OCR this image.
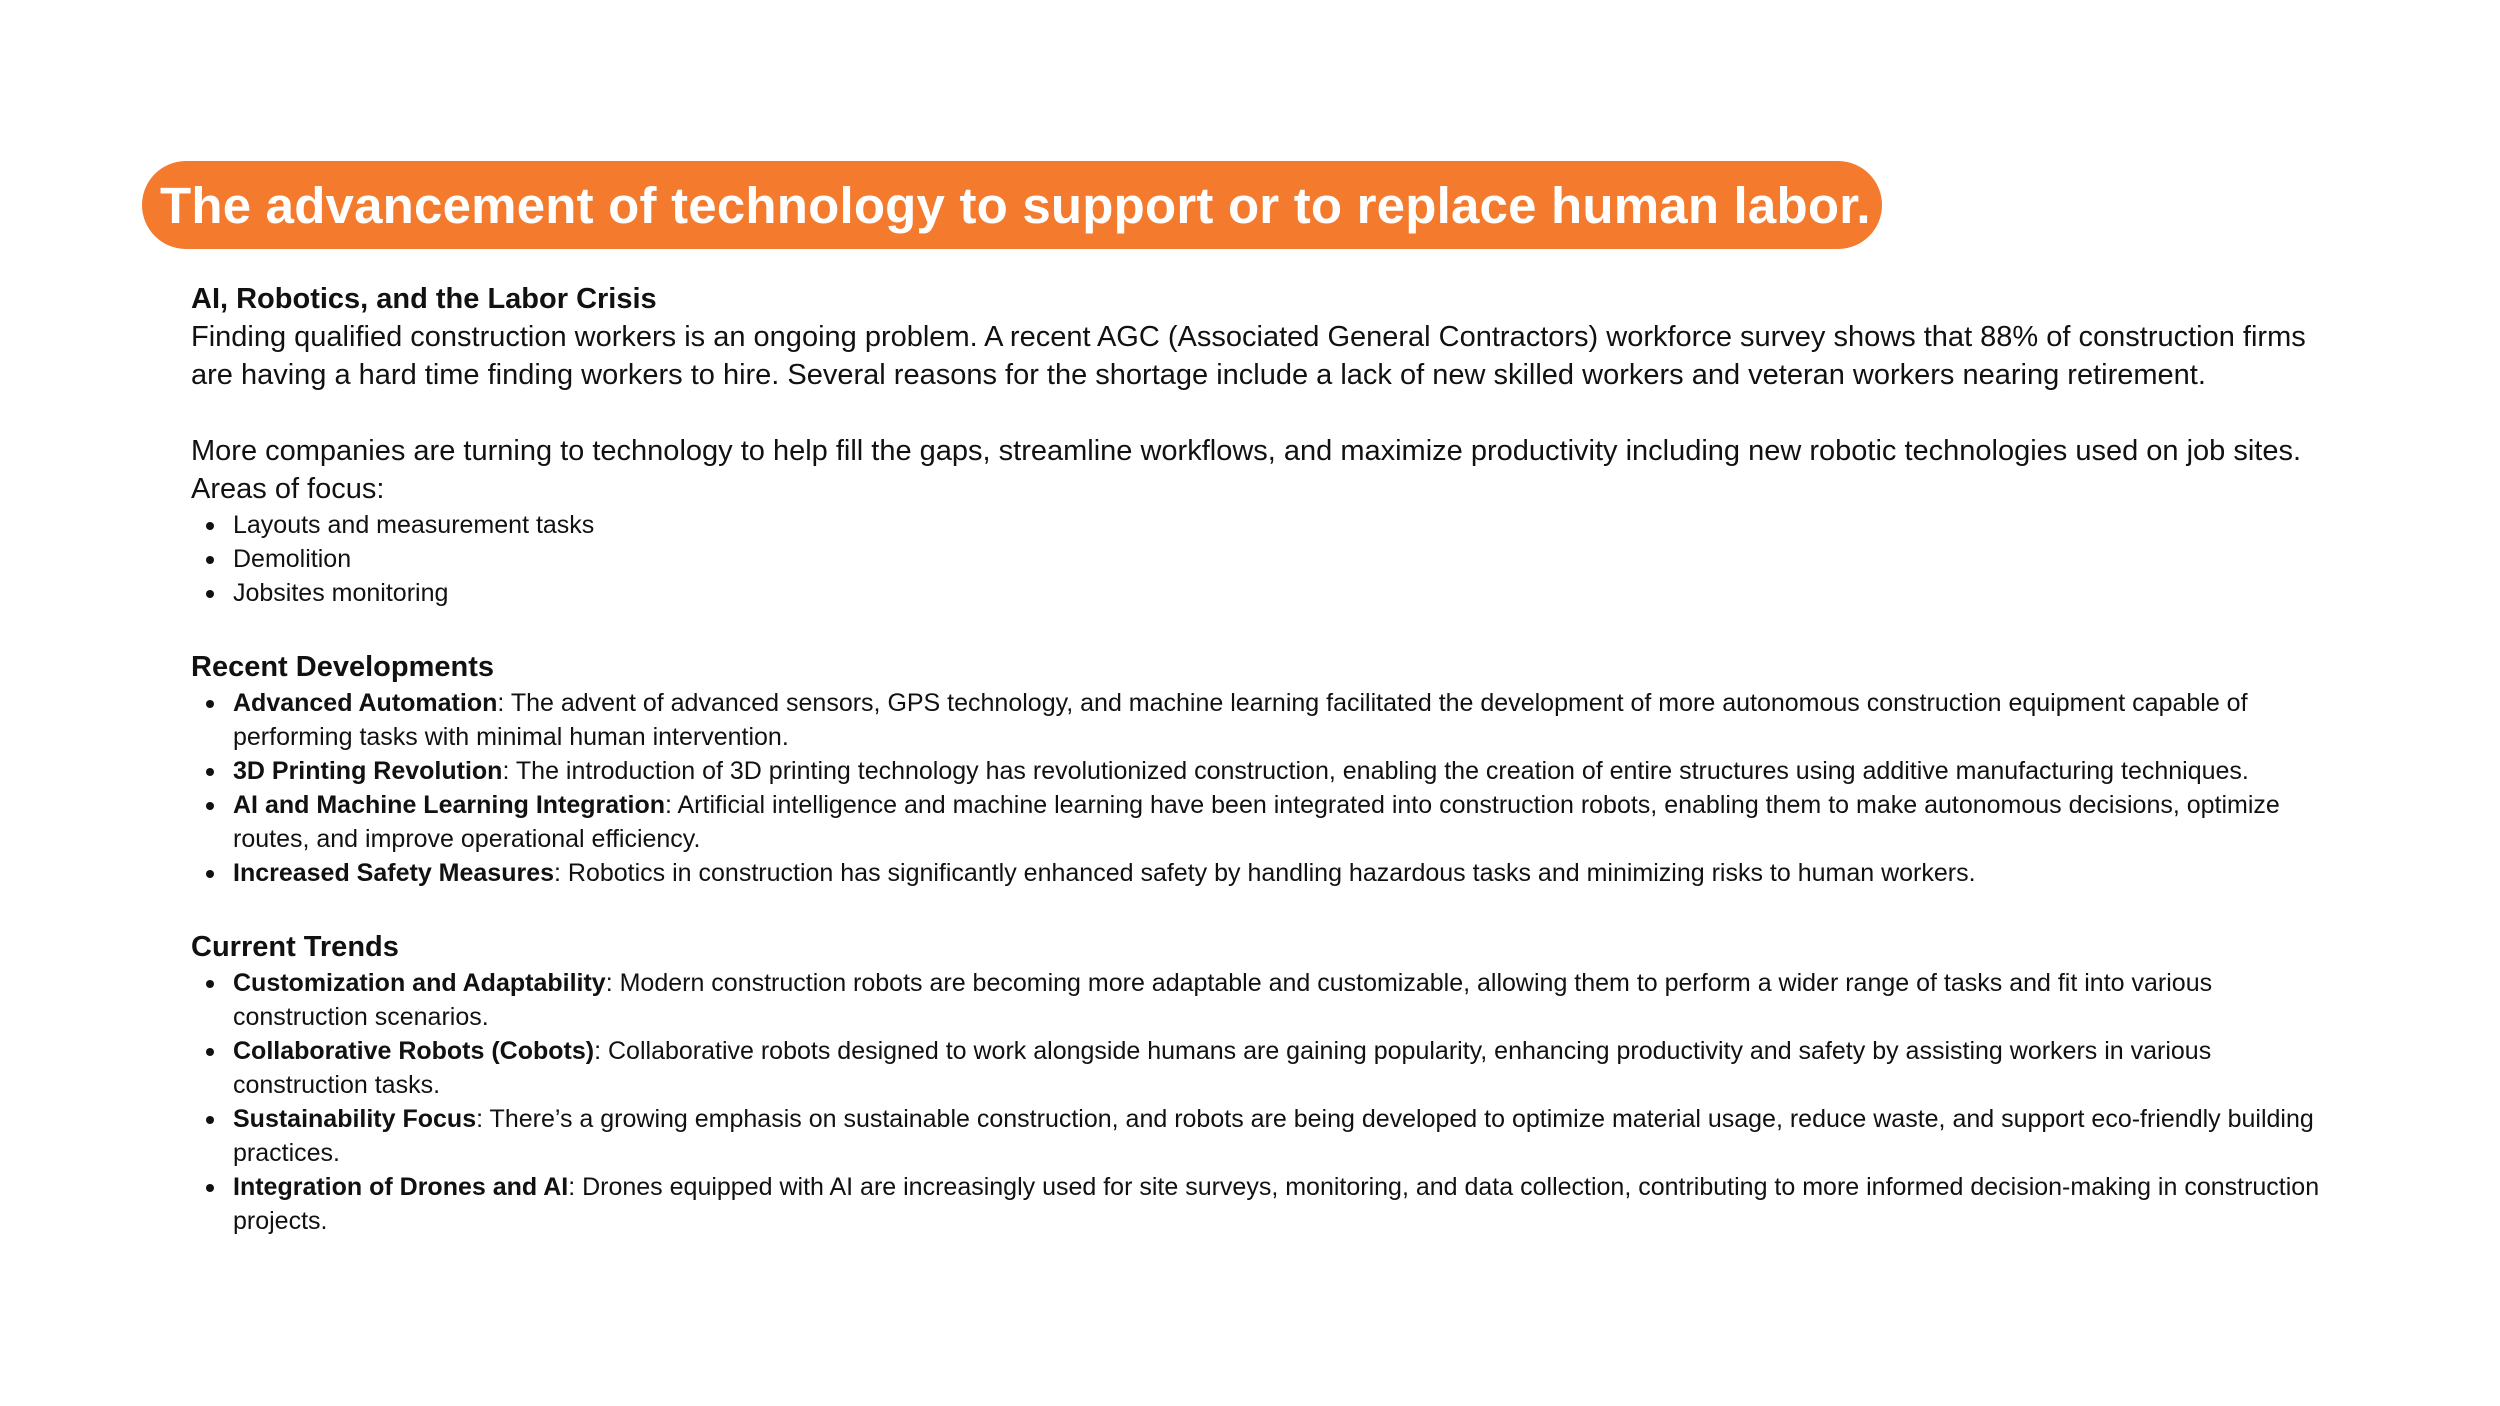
The advancement of technology to support or to replace human labor.

AI, Robotics, and the Labor Crisis

Finding qualified construction workers is an ongoing problem. A recent AGC (Associated General Contractors) workforce survey shows that 88% of construction firms are having a hard time finding workers to hire. Several reasons for the shortage include a lack of new skilled workers and veteran workers nearing retirement.

More companies are turning to technology to help fill the gaps, streamline workflows, and maximize productivity including new robotic technologies used on job sites. Areas of focus:

Layouts and measurement tasks
Demolition
Jobsites monitoring

Recent Developments

Advanced Automation: The advent of advanced sensors, GPS technology, and machine learning facilitated the development of more autonomous construction equipment capable of performing tasks with minimal human intervention.
3D Printing Revolution: The introduction of 3D printing technology has revolutionized construction, enabling the creation of entire structures using additive manufacturing techniques.
AI and Machine Learning Integration: Artificial intelligence and machine learning have been integrated into construction robots, enabling them to make autonomous decisions, optimize routes, and improve operational efficiency.
Increased Safety Measures: Robotics in construction has significantly enhanced safety by handling hazardous tasks and minimizing risks to human workers.

Current Trends

Customization and Adaptability: Modern construction robots are becoming more adaptable and customizable, allowing them to perform a wider range of tasks and fit into various construction scenarios.
Collaborative Robots (Cobots): Collaborative robots designed to work alongside humans are gaining popularity, enhancing productivity and safety by assisting workers in various construction tasks.
Sustainability Focus: There’s a growing emphasis on sustainable construction, and robots are being developed to optimize material usage, reduce waste, and support eco-friendly building practices.
Integration of Drones and AI: Drones equipped with AI are increasingly used for site surveys, monitoring, and data collection, contributing to more informed decision-making in construction projects.
